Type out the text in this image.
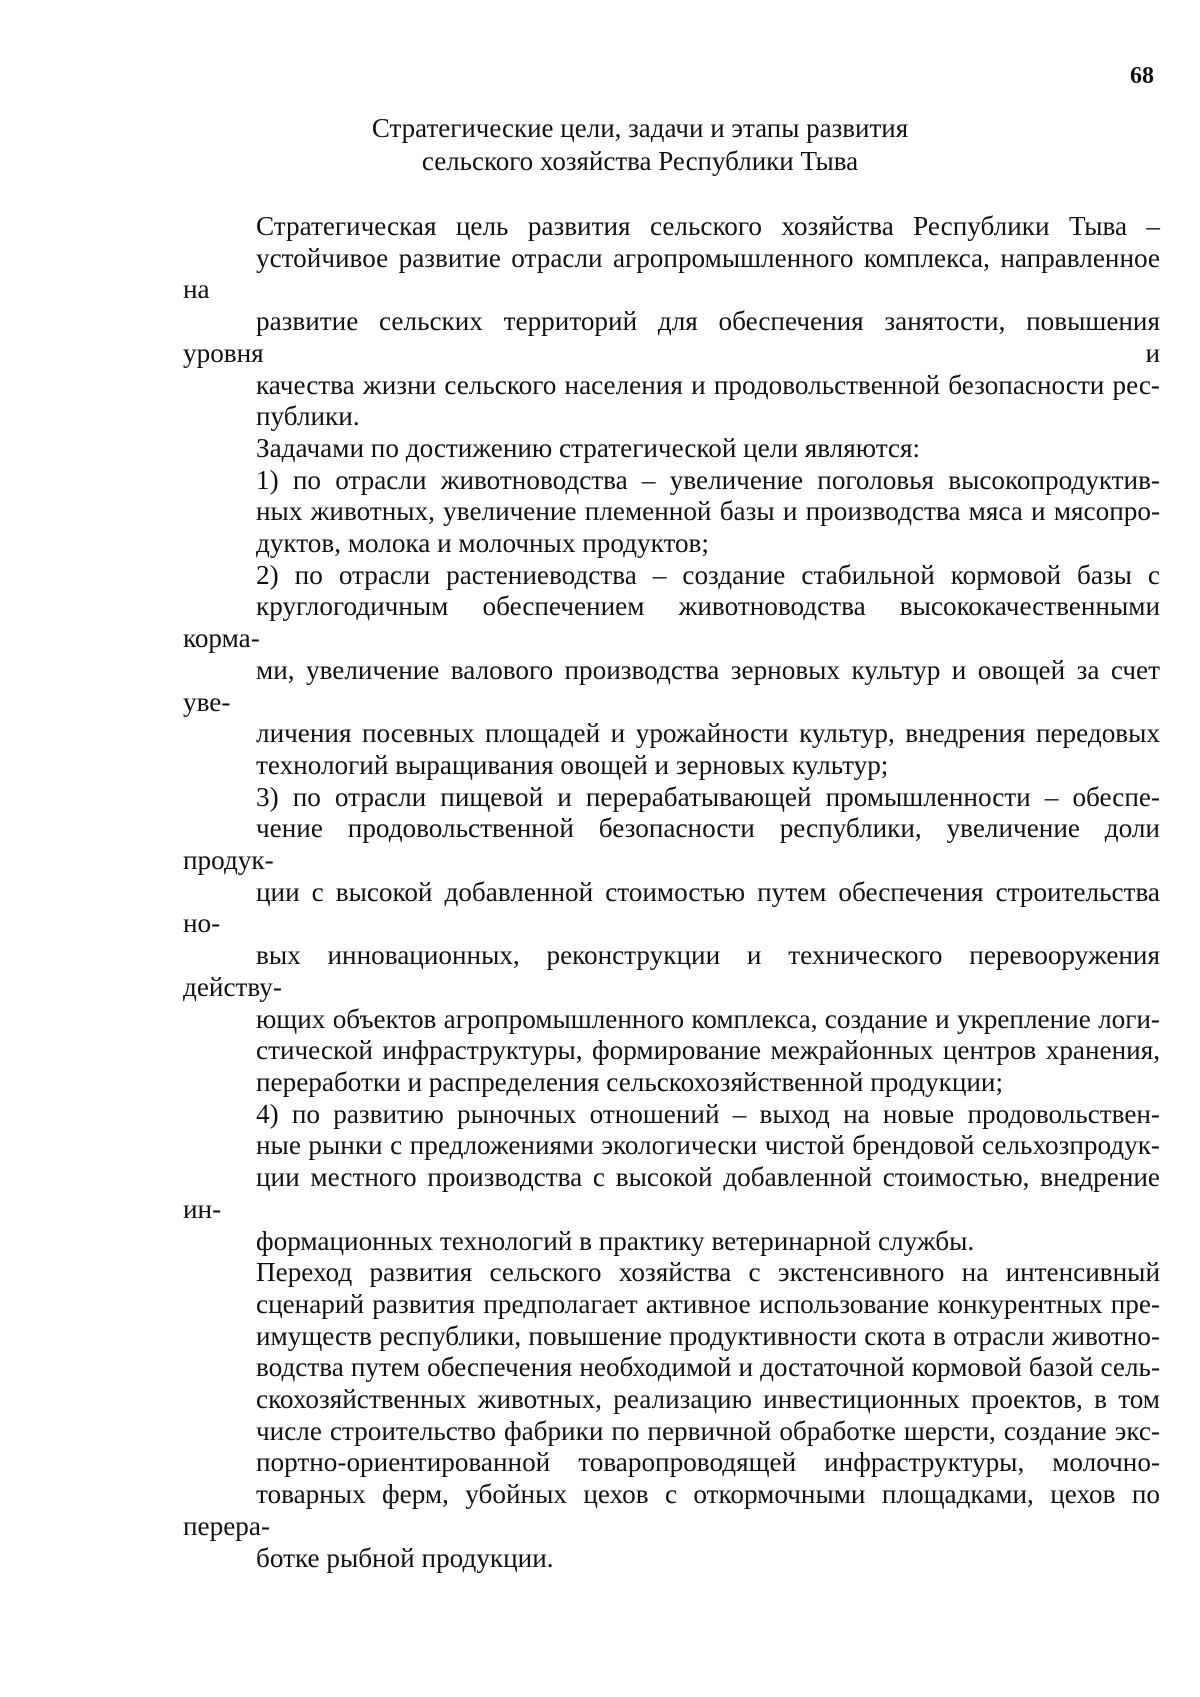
68
Стратегические цели, задачи и этапы развития
сельского хозяйства Республики Тыва

Стратегическая цель развития сельского хозяйства Республики Тыва –
устойчивое развитие отрасли агропромышленного комплекса, направленное на
развитие сельских территорий для обеспечения занятости, повышения уровня и
качества жизни сельского населения и продовольственной безопасности рес-
публики.

Задачами по достижению стратегической цели являются:

1) по отрасли животноводства – увеличение поголовья высокопродуктив-
ных животных, увеличение племенной базы и производства мяса и мясопро-
дуктов, молока и молочных продуктов;

2) по отрасли растениеводства – создание стабильной кормовой базы с
круглогодичным обеспечением животноводства высококачественными корма-
ми, увеличение валового производства зерновых культур и овощей за счет уве-
личения посевных площадей и урожайности культур, внедрения передовых
технологий выращивания овощей и зерновых культур;

3) по отрасли пищевой и перерабатывающей промышленности – обеспе-
чение продовольственной безопасности республики, увеличение доли продук-
ции с высокой добавленной стоимостью путем обеспечения строительства но-
вых инновационных, реконструкции и технического перевооружения действу-
ющих объектов агропромышленного комплекса, создание и укрепление логи-
стической инфраструктуры, формирование межрайонных центров хранения,
переработки и распределения сельскохозяйственной продукции;

4) по развитию рыночных отношений – выход на новые продовольствен-
ные рынки с предложениями экологически чистой брендовой сельхозпродук-
ции местного производства с высокой добавленной стоимостью, внедрение ин-
формационных технологий в практику ветеринарной службы.

Переход развития сельского хозяйства с экстенсивного на интенсивный
сценарий развития предполагает активное использование конкурентных пре-
имуществ республики, повышение продуктивности скота в отрасли животно-
водства путем обеспечения необходимой и достаточной кормовой базой сель-
скохозяйственных животных, реализацию инвестиционных проектов, в том
числе строительство фабрики по первичной обработке шерсти, создание экс-
портно-ориентированной товаропроводящей инфраструктуры, молочно-
товарных ферм, убойных цехов с откормочными площадками, цехов по перера-
ботке рыбной продукции.
